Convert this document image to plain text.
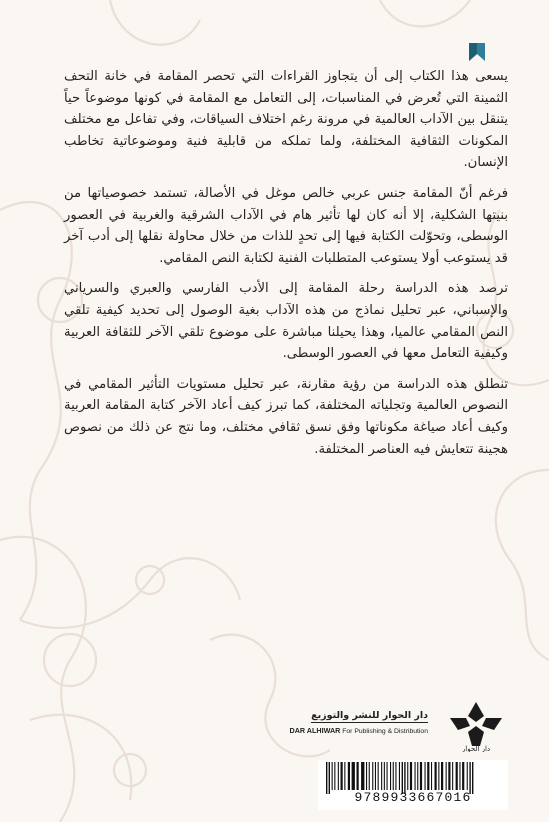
يسعى هذا الكتاب إلى أن يتجاوز القراءات التي تحصر المقامة في خانة التحف الثمينة التي تُعرض في المناسبات، إلى التعامل مع المقامة في كونها موضوعاً حياً يتنقل بين الآداب العالمية في مرونة رغم اختلاف السياقات، وفي تفاعل مع مختلف المكونات الثقافية المختلفة، ولما تملكه من قابلية فنية وموضوعاتية تخاطب الإنسان.

فرغم أنّ المقامة جنس عربي خالص موغل في الأصالة، تستمد خصوصياتها من بنيتها الشكلية، إلا أنه كان لها تأثير هام في الآداب الشرقية والغربية في العصور الوسطى، وتحوّلت الكتابة فيها إلى تحدٍ للذات من خلال محاولة نقلها إلى أدب آخر قد يستوعب أولا يستوعب المتطلبات الفنية لكتابة النص المقامي.

ترصد هذه الدراسة رحلة المقامة إلى الأدب الفارسي والعبري والسرياني والإسباني، عبر تحليل نماذج من هذه الآداب بغية الوصول إلى تحديد كيفية تلقي النص المقامي عالميا، وهذا يحيلنا مباشرة على موضوع تلقي الآخر للثقافة العربية وكيفية التعامل معها في العصور الوسطى.

تنطلق هذه الدراسة من رؤية مقارنة، عبر تحليل مستويات التأثير المقامي في النصوص العالمية وتجلياته المختلفة، كما تبرز كيف أعاد الآخر كتابة المقامة العربية وكيف أعاد صياغة مكوناتها وفق نسق ثقافي مختلف، وما نتج عن ذلك من نصوص هجينة تتعايش فيه العناصر المختلفة.

دار الحوار للنشر والتوزيع
DAR ALHIWAR For Publishing & Distribution
دار الحوار
9789933667016
